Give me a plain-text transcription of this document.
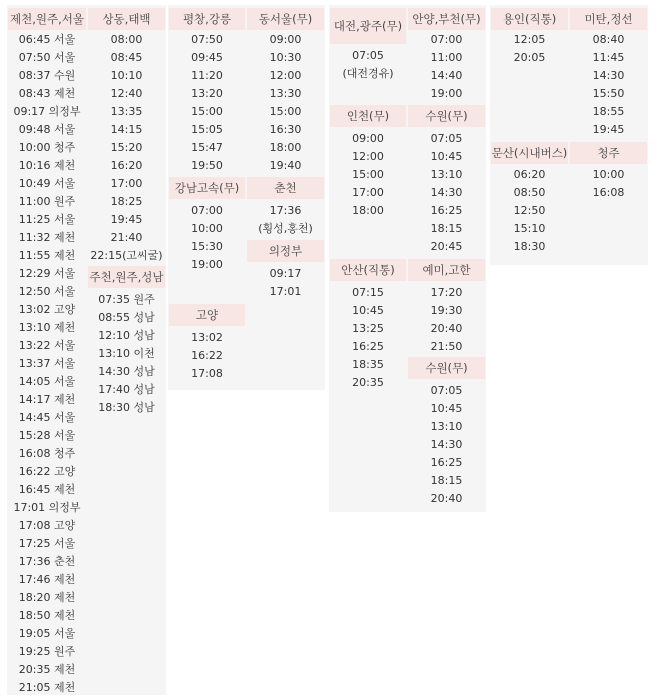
제천,원주,서울
06:45 서울
07:50 서울
08:37 수원
08:43 제천
09:17 의정부
09:48 서울
10:00 청주
10:16 제천
10:49 서울
11:00 원주
11:25 서울
11:32 제천
11:55 제천
12:29 서울
12:50 서울
13:02 고양
13:10 제천
13:22 서울
13:37 서울
14:05 서울
14:17 제천
14:45 서울
15:28 서울
16:08 청주
16:22 고양
16:45 제천
17:01 의정부
17:08 고양
17:25 서울
17:36 춘천
17:46 제천
18:20 제천
18:50 제천
19:05 서울
19:25 원주
20:35 제천
21:05 제천
상동,태백
08:00
08:45
10:10
12:40
13:35
14:15
15:20
16:20
17:00
18:25
19:45
21:40
22:15(고씨굴)
주천,원주,성남
07:35 원주
08:55 성남
12:10 성남
13:10 이천
14:30 성남
17:40 성남
18:30 성남
평창,강릉
07:50
09:45
11:20
13:20
15:00
15:05
15:47
19:50
동서울(무)
09:00
10:30
12:00
13:30
15:00
16:30
18:00
19:40
강남고속(무)
07:00
10:00
15:30
19:00
춘천
17:36
(횡성,홍천)
의정부
09:17
17:01
고양
13:02
16:22
17:08
대전,광주(무)
07:05
(대전경유)
안양,부천(무)
07:00
11:00
14:40
19:00
인천(무)
09:00
12:00
15:00
17:00
18:00
수원(무)
07:05
10:45
13:10
14:30
16:25
18:15
20:45
안산(직통)
07:15
10:45
13:25
16:25
18:35
20:35
예미,고한
17:20
19:30
20:40
21:50
수원(무)
07:05
10:45
13:10
14:30
16:25
18:15
20:40
용인(직통)
12:05
20:05
미탄,정선
08:40
11:45
14:30
15:50
18:55
19:45
문산(시내버스)
06:20
08:50
12:50
15:10
18:30
청주
10:00
16:08
